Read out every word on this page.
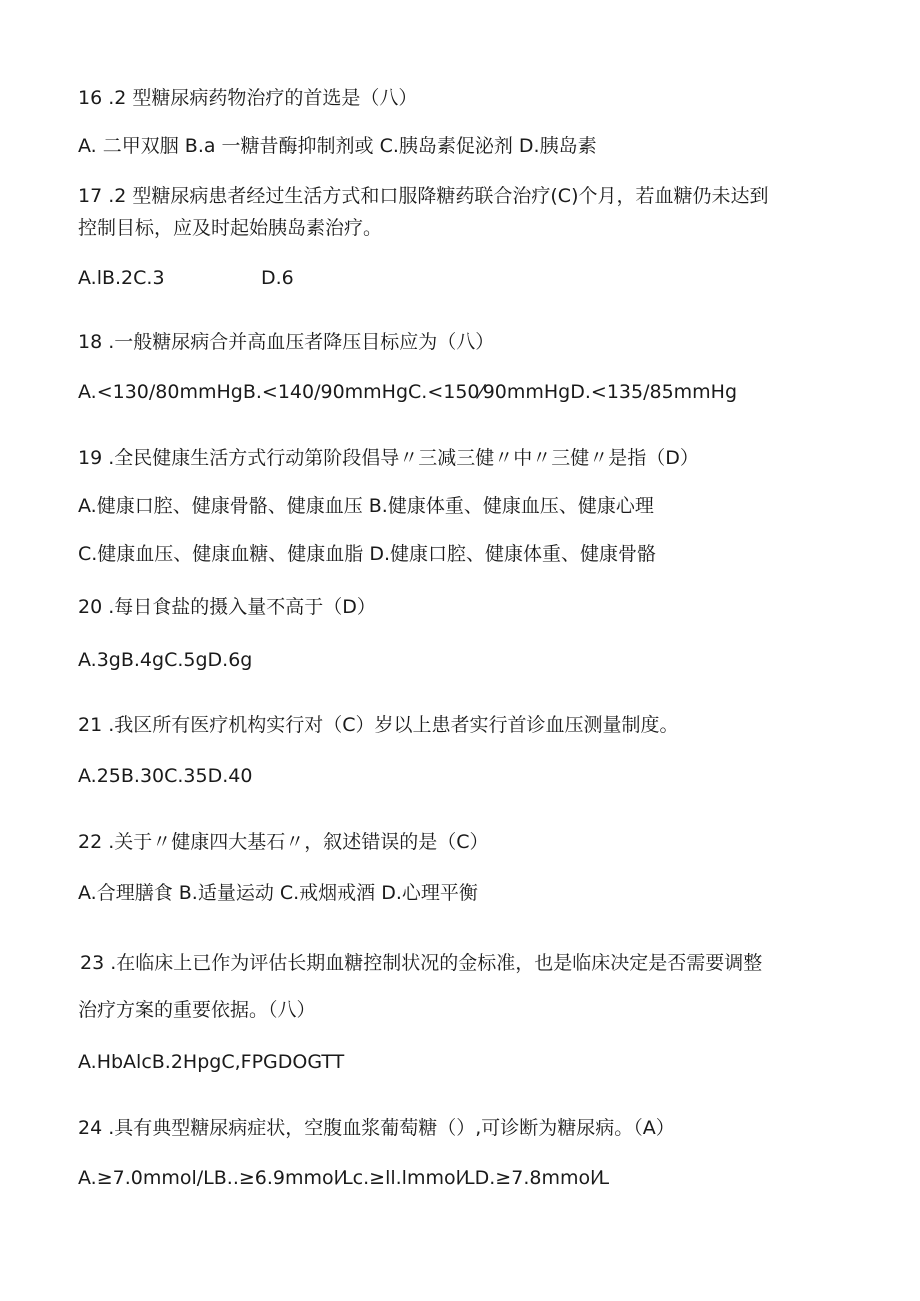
16 .2 型糖尿病药物治疗的首选是（八）
A. 二甲双胭 B.a 一糖昔酶抑制剂或 C.胰岛素促泌剂 D.胰岛素
17 .2 型糖尿病患者经过生活方式和口服降糖药联合治疗(C)个月，若血糖仍未达到
控制目标，应及时起始胰岛素治疗。
A.lB.2C.3	D.6
18 .一般糖尿病合并高血压者降压目标应为（八）
A.<130/80mmHgB.<140/90mmHgC.<150⁄90mmHgD.<135/85mmHg
19 .全民健康生活方式行动第阶段倡导〃三减三健〃中〃三健〃是指（D）
A.健康口腔、健康骨骼、健康血压 B.健康体重、健康血压、健康心理
C.健康血压、健康血糖、健康血脂 D.健康口腔、健康体重、健康骨骼
20 .每日食盐的摄入量不高于（D）
A.3gB.4gC.5gD.6g
21 .我区所有医疗机构实行对（C）岁以上患者实行首诊血压测量制度。
A.25B.30C.35D.40
22 .关于〃健康四大基石〃，叙述错误的是（C）
A.合理膳食 B.适量运动 C.戒烟戒酒 D.心理平衡
23 .在临床上已作为评估长期血糖控制状况的金标准，也是临床决定是否需要调整
治疗方案的重要依据。（八）
A.HbAlcB.2HpgC,FPGDOGTT
24 .具有典型糖尿病症状，空腹血浆葡萄糖（）,可诊断为糖尿病。（A）
A.≥7.0mmol/LB..≥6.9mmol⁄Lc.≥ll.lmmol⁄LD.≥7.8mmol⁄L
